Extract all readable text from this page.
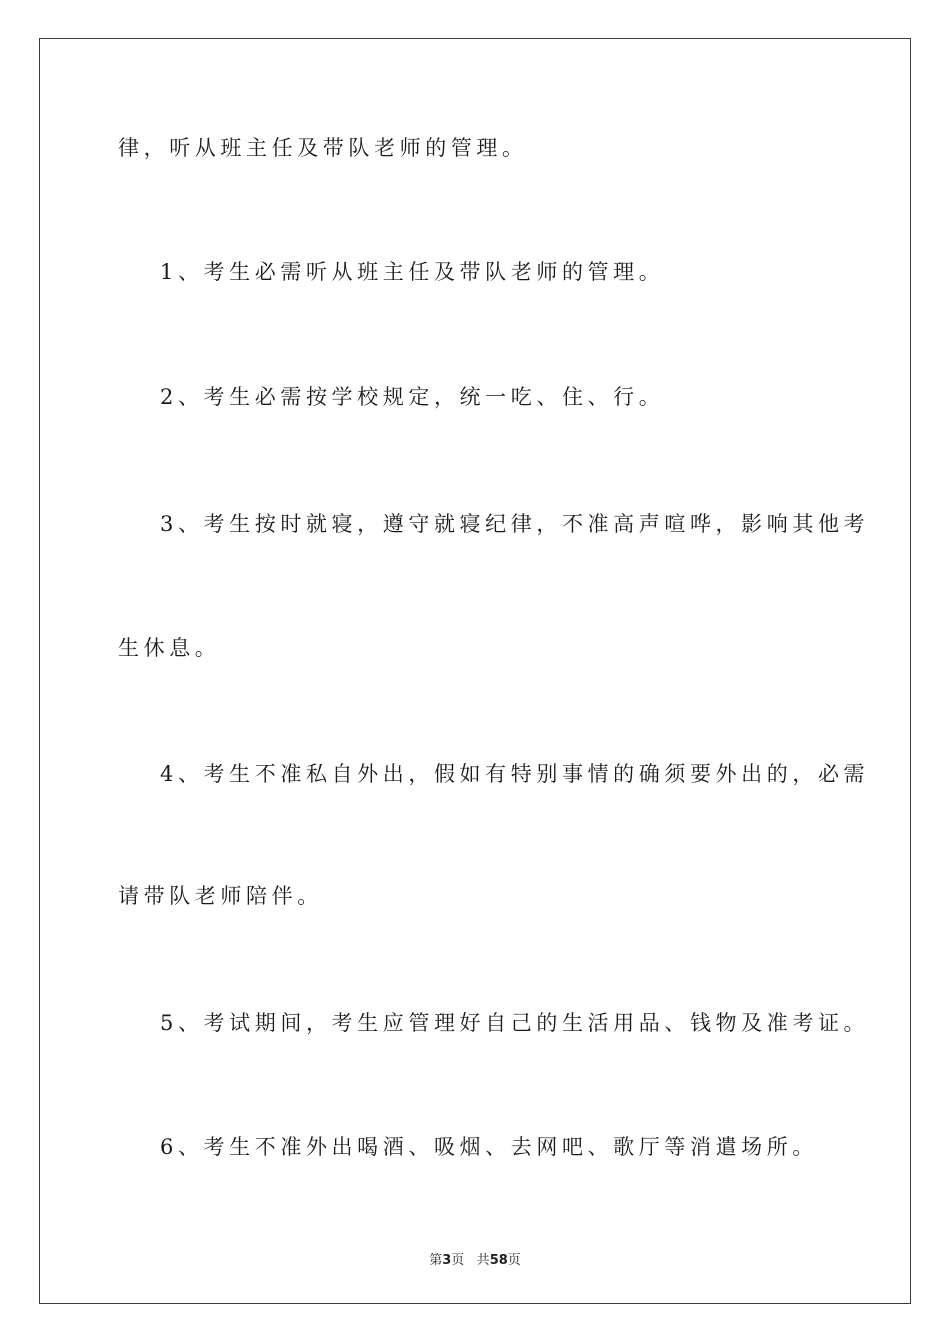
律，听从班主任及带队老师的管理。
1、考生必需听从班主任及带队老师的管理。
2、考生必需按学校规定，统一吃、住、行。
3、考生按时就寝，遵守就寝纪律，不准高声喧哗，影响其他考
生休息。
4、考生不准私自外出，假如有特别事情的确须要外出的，必需
请带队老师陪伴。
5、考试期间，考生应管理好自己的生活用品、钱物及准考证。
6、考生不准外出喝酒、吸烟、去网吧、歌厅等消遣场所。
第3页 共58页
